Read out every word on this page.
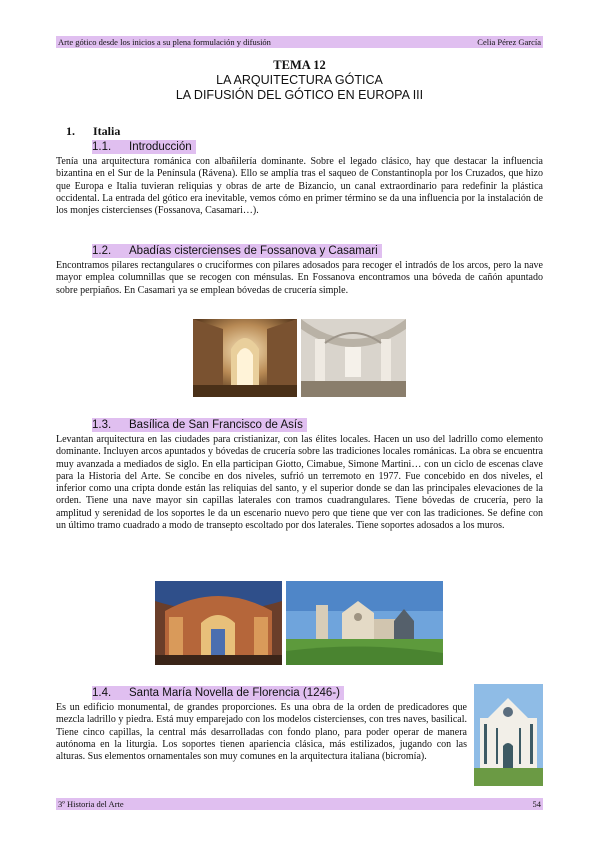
Arte gótico desde los inicios a su plena formulación y difusión	Celia Pérez García
TEMA 12
LA ARQUITECTURA GÓTICA
LA DIFUSIÓN DEL GÓTICO EN EUROPA III
1. Italia
1.1. Introducción

Tenía una arquitectura románica con albañilería dominante. Sobre el legado clásico, hay que destacar la influencia bizantina en el Sur de la Península (Rávena). Ello se amplía tras el saqueo de Constantinopla por los Cruzados, que hizo que Europa e Italia tuvieran reliquias y obras de arte de Bizancio, un canal extraordinario para redefinir la plástica occidental. La entrada del gótico era inevitable, vemos cómo en primer término se da una influencia por la instalación de los monjes cistercienses (Fossanova, Casamari…).

1.2. Abadías cistercienses de Fossanova y Casamari

Encontramos pilares rectangulares o cruciformes con pilares adosados para recoger el intradós de los arcos, pero la nave mayor emplea columnillas que se recogen con ménsulas. En Fossanova encontramos una bóveda de cañón apuntado sobre perpiaños. En Casamari ya se emplean bóvedas de crucería simple.

1.3. Basílica de San Francisco de Asís

Levantan arquitectura en las ciudades para cristianizar, con las élites locales. Hacen un uso del ladrillo como elemento dominante. Incluyen arcos apuntados y bóvedas de crucería sobre las tradiciones locales románicas. La obra se encuentra muy avanzada a mediados de siglo. En ella participan Giotto, Cimabue, Simone Martini… con un ciclo de escenas clave para la Historia del Arte. Se concibe en dos niveles, sufrió un terremoto en 1977. Fue concebido en dos niveles, el inferior como una cripta donde están las reliquias del santo, y el superior donde se dan las principales elevaciones de la orden. Tiene una nave mayor sin capillas laterales con tramos cuadrangulares. Tiene bóvedas de crucería, pero la amplitud y serenidad de los soportes le da un escenario nuevo pero que tiene que ver con las tradiciones. Se define con un último tramo cuadrado a modo de transepto escoltado por dos laterales. Tiene soportes adosados a los muros.

1.4. Santa María Novella de Florencia (1246-)

Es un edificio monumental, de grandes proporciones. Es una obra de la orden de predicadores que mezcla ladrillo y piedra. Está muy emparejado con los modelos cistercienses, con tres naves, basilical. Tiene cinco capillas, la central más desarrolladas con fondo plano, para poder operar de manera autónoma en la liturgia. Los soportes tienen apariencia clásica, más estilizados, jugando con las alturas. Sus elementos ornamentales son muy comunes en la arquitectura italiana (bicromía).

3º Historia del Arte	54
